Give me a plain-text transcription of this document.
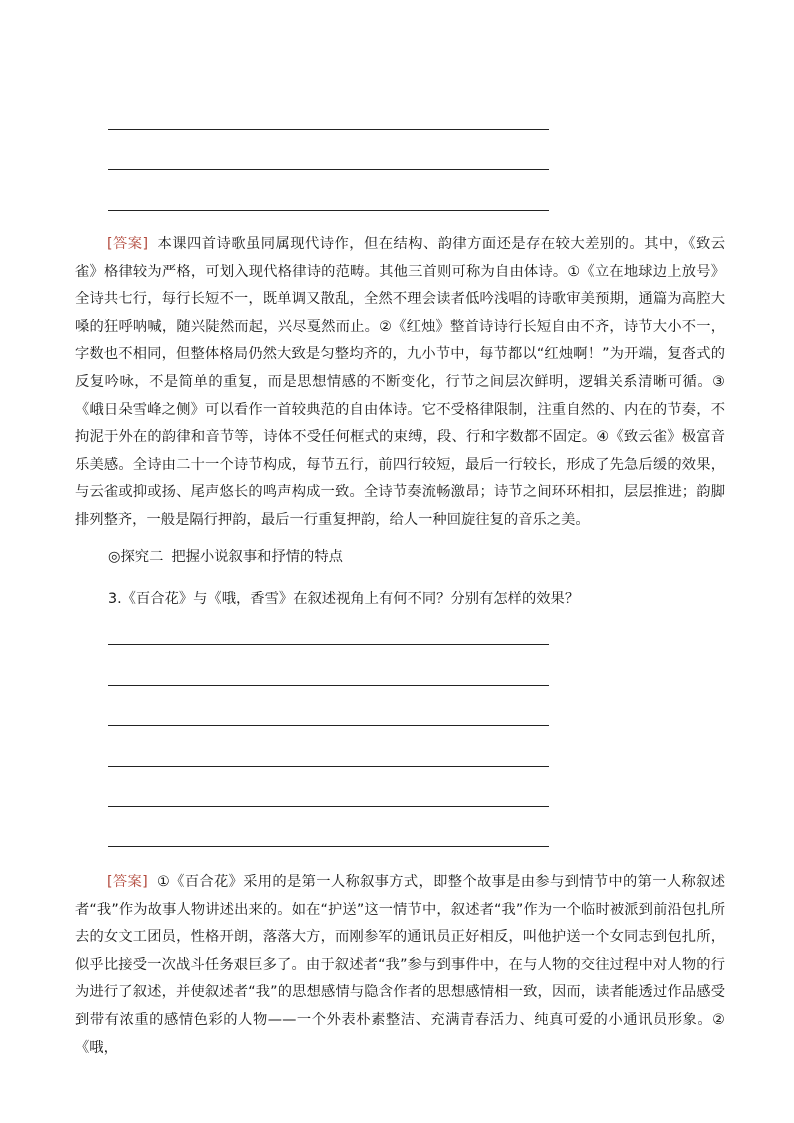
[答案] 本课四首诗歌虽同属现代诗作，但在结构、韵律方面还是存在较大差别的。其中，《致云雀》格律较为严格，可划入现代格律诗的范畴。其他三首则可称为自由体诗。①《立在地球边上放号》全诗共七行，每行长短不一，既单调又散乱，全然不理会读者低吟浅唱的诗歌审美预期，通篇为高腔大嗓的狂呼呐喊，随兴陡然而起，兴尽戛然而止。②《红烛》整首诗诗行长短自由不齐，诗节大小不一，字数也不相同，但整体格局仍然大致是匀整均齐的，九小节中，每节都以“红烛啊！”为开端，复沓式的反复吟咏，不是简单的重复，而是思想情感的不断变化，行节之间层次鲜明，逻辑关系清晰可循。③《峨日朵雪峰之侧》可以看作一首较典范的自由体诗。它不受格律限制，注重自然的、内在的节奏，不拘泥于外在的韵律和音节等，诗体不受任何框式的束缚，段、行和字数都不固定。④《致云雀》极富音乐美感。全诗由二十一个诗节构成，每节五行，前四行较短，最后一行较长，形成了先急后缓的效果，与云雀或抑或扬、尾声悠长的鸣声构成一致。全诗节奏流畅激昂；诗节之间环环相扣，层层推进；韵脚排列整齐，一般是隔行押韵，最后一行重复押韵，给人一种回旋往复的音乐之美。

◎探究二 把握小说叙事和抒情的特点
3.《百合花》与《哦，香雪》在叙述视角上有何不同？分别有怎样的效果？

[答案] ①《百合花》采用的是第一人称叙事方式，即整个故事是由参与到情节中的第一人称叙述者“我”作为故事人物讲述出来的。如在“护送”这一情节中，叙述者“我”作为一个临时被派到前沿包扎所去的女文工团员，性格开朗，落落大方，而刚参军的通讯员正好相反，叫他护送一个女同志到包扎所，似乎比接受一次战斗任务艰巨多了。由于叙述者“我”参与到事件中，在与人物的交往过程中对人物的行为进行了叙述，并使叙述者“我”的思想感情与隐含作者的思想感情相一致，因而，读者能透过作品感受到带有浓重的感情色彩的人物——一个外表朴素整洁、充满青春活力、纯真可爱的小通讯员形象。②《哦，
